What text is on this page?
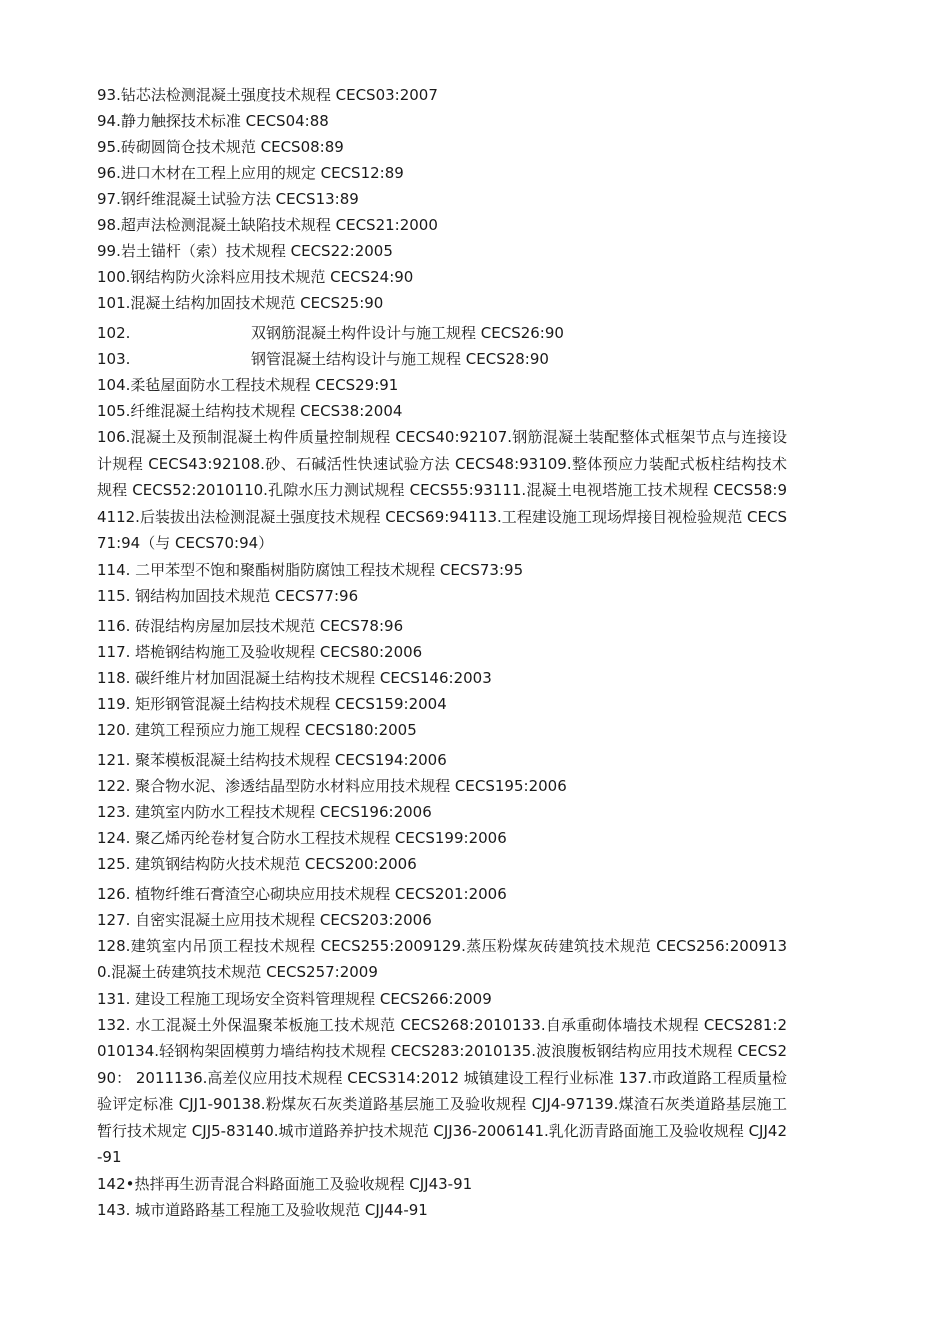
93.钻芯法检测混凝土强度技术规程 CECS03:2007
94.静力触探技术标准 CECS04:88
95.砖砌圆筒仓技术规范 CECS08:89
96.进口木材在工程上应用的规定 CECS12:89
97.钢纤维混凝土试验方法 CECS13:89
98.超声法检测混凝土缺陷技术规程 CECS21:2000
99.岩土锚杆（索）技术规程 CECS22:2005
100.钢结构防火涂料应用技术规范 CECS24:90
101.混凝土结构加固技术规范 CECS25:90
102.	双钢筋混凝土构件设计与施工规程 CECS26:90
103.	钢管混凝土结构设计与施工规程 CECS28:90
104.柔毡屋面防水工程技术规程 CECS29:91
105.纤维混凝土结构技术规程 CECS38:2004
106.混凝土及预制混凝土构件质量控制规程 CECS40:92107.钢筋混凝土装配整体式框架节点与连接设计规程 CECS43:92108.砂、石碱活性快速试验方法 CECS48:93109.整体预应力装配式板柱结构技术规程 CECS52:2010110.孔隙水压力测试规程 CECS55:93111.混凝土电视塔施工技术规程 CECS58:94112.后装拔出法检测混凝土强度技术规程 CECS69:94113.工程建设施工现场焊接目视检验规范 CECS71:94（与 CECS70:94）
114. 二甲苯型不饱和聚酯树脂防腐蚀工程技术规程 CECS73:95
115. 钢结构加固技术规范 CECS77:96
116. 砖混结构房屋加层技术规范 CECS78:96
117. 塔桅钢结构施工及验收规程 CECS80:2006
118. 碳纤维片材加固混凝土结构技术规程 CECS146:2003
119. 矩形钢管混凝土结构技术规程 CECS159:2004
120. 建筑工程预应力施工规程 CECS180:2005
121. 聚苯模板混凝土结构技术规程 CECS194:2006
122. 聚合物水泥、渗透结晶型防水材料应用技术规程 CECS195:2006
123. 建筑室内防水工程技术规程 CECS196:2006
124. 聚乙烯丙纶卷材复合防水工程技术规程 CECS199:2006
125. 建筑钢结构防火技术规范 CECS200:2006
126. 植物纤维石膏渣空心砌块应用技术规程 CECS201:2006
127. 自密实混凝土应用技术规程 CECS203:2006
128.建筑室内吊顶工程技术规程 CECS255:2009129.蒸压粉煤灰砖建筑技术规范 CECS256:2009130.混凝土砖建筑技术规范 CECS257:2009
131. 建设工程施工现场安全资料管理规程 CECS266:2009
132. 水工混凝土外保温聚苯板施工技术规范 CECS268:2010133.自承重砌体墙技术规程 CECS281:2010134.轻钢构架固模剪力墙结构技术规程 CECS283:2010135.波浪腹板钢结构应用技术规程 CECS290： 2011136.高差仪应用技术规程 CECS314:2012 城镇建设工程行业标准 137.市政道路工程质量检验评定标准 CJJ1-90138.粉煤灰石灰类道路基层施工及验收规程 CJJ4-97139.煤渣石灰类道路基层施工暂行技术规定 CJJ5-83140.城市道路养护技术规范 CJJ36-2006141.乳化沥青路面施工及验收规程 CJJ42-91
142•热拌再生沥青混合料路面施工及验收规程 CJJ43-91
143. 城市道路路基工程施工及验收规范 CJJ44-91
